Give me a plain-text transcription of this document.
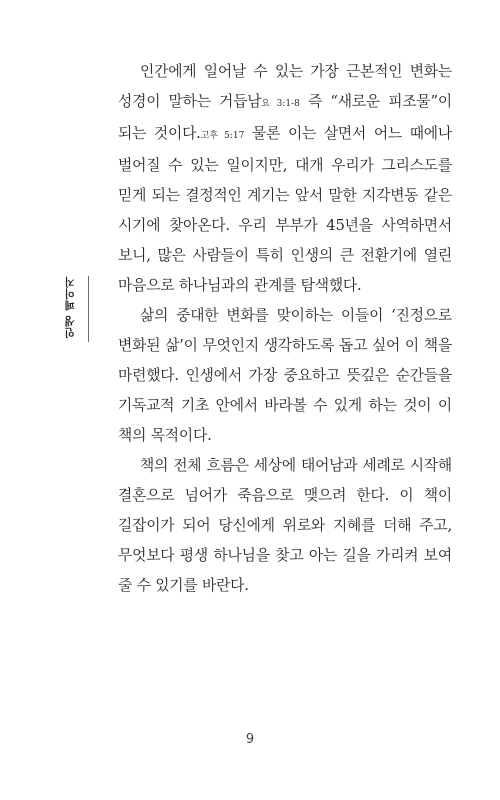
인생 페이지

인간에게 일어날 수 있는 가장 근본적인 변화는 성경이 말하는 거듭남요 3:1-8 즉 “새로운 피조물”이 되는 것이다.고후 5:17 물론 이는 살면서 어느 때에나 벌어질 수 있는 일이지만, 대개 우리가 그리스도를 믿게 되는 결정적인 계기는 앞서 말한 지각변동 같은 시기에 찾아온다. 우리 부부가 45년을 사역하면서 보니, 많은 사람들이 특히 인생의 큰 전환기에 열린 마음으로 하나님과의 관계를 탐색했다.

삶의 중대한 변화를 맞이하는 이들이 ‘진정으로 변화된 삶’이 무엇인지 생각하도록 돕고 싶어 이 책을 마련했다. 인생에서 가장 중요하고 뜻깊은 순간들을 기독교적 기초 안에서 바라볼 수 있게 하는 것이 이 책의 목적이다.

책의 전체 흐름은 세상에 태어남과 세례로 시작해 결혼으로 넘어가 죽음으로 맺으려 한다. 이 책이 길잡이가 되어 당신에게 위로와 지혜를 더해 주고, 무엇보다 평생 하나님을 찾고 아는 길을 가리켜 보여 줄 수 있기를 바란다.

9
